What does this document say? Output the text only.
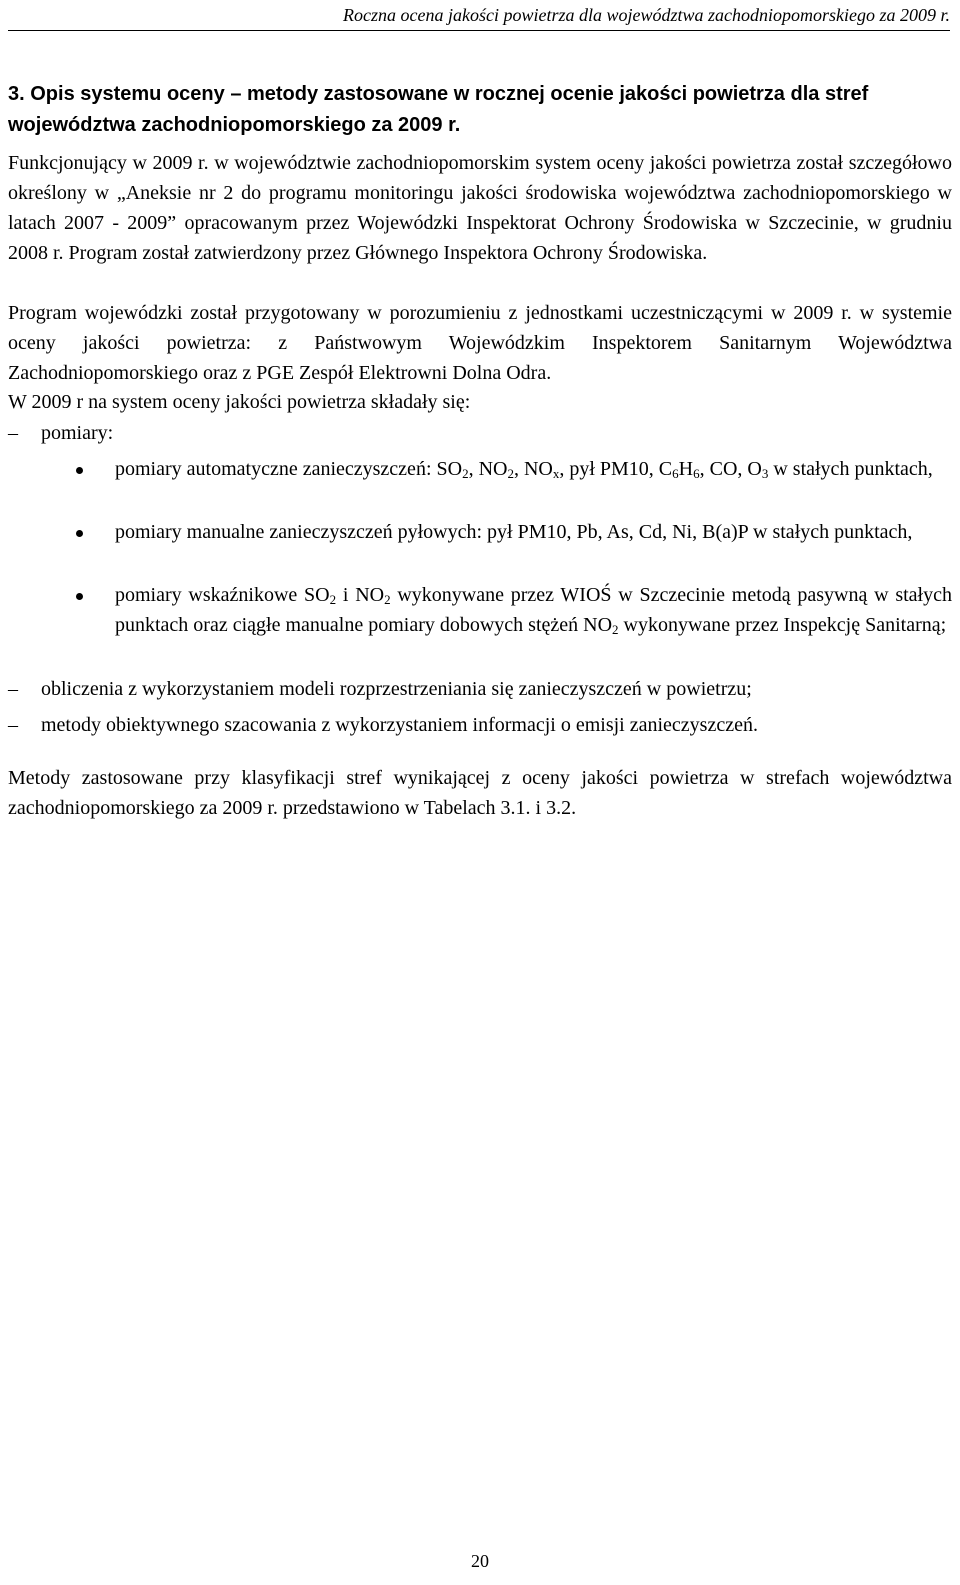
Roczna ocena jakości powietrza dla województwa zachodniopomorskiego za 2009 r.
3. Opis systemu oceny – metody zastosowane w rocznej ocenie jakości powietrza dla stref województwa zachodniopomorskiego za 2009 r.

Funkcjonujący w 2009 r. w województwie zachodniopomorskim system oceny jakości powietrza został szczegółowo określony w „Aneksie nr 2 do programu monitoringu jakości środowiska województwa zachodniopomorskiego w latach 2007 - 2009” opracowanym przez Wojewódzki Inspektorat Ochrony Środowiska w Szczecinie, w grudniu 2008 r. Program został zatwierdzony przez Głównego Inspektora Ochrony Środowiska.

Program wojewódzki został przygotowany w porozumieniu z jednostkami uczestniczącymi w 2009 r. w systemie oceny jakości powietrza: z Państwowym Wojewódzkim Inspektorem Sanitarnym Województwa Zachodniopomorskiego oraz z PGE Zespół Elektrowni Dolna Odra.

W 2009 r na system oceny jakości powietrza składały się:

–	pomiary:
pomiary automatyczne zanieczyszczeń: $SO_2$, $NO_2$, $NO_x$, pył PM10, $C_6H_6$, CO, $O_3$ w stałych punktach,
pomiary manualne zanieczyszczeń pyłowych: pył PM10, Pb, As, Cd, Ni, B(a)P w stałych punktach,
pomiary wskaźnikowe $SO_2$ i $NO_2$ wykonywane przez WIOŚ w Szczecinie metodą pasywną w stałych punktach oraz ciągłe manualne pomiary dobowych stężeń $NO_2$ wykonywane przez Inspekcję Sanitarną;
–	obliczenia z wykorzystaniem modeli rozprzestrzeniania się zanieczyszczeń w powietrzu;
–	metody obiektywnego szacowania z wykorzystaniem informacji o emisji zanieczyszczeń.

Metody zastosowane przy klasyfikacji stref wynikającej z oceny jakości powietrza w strefach województwa zachodniopomorskiego za 2009 r. przedstawiono w Tabelach 3.1. i 3.2.

20
